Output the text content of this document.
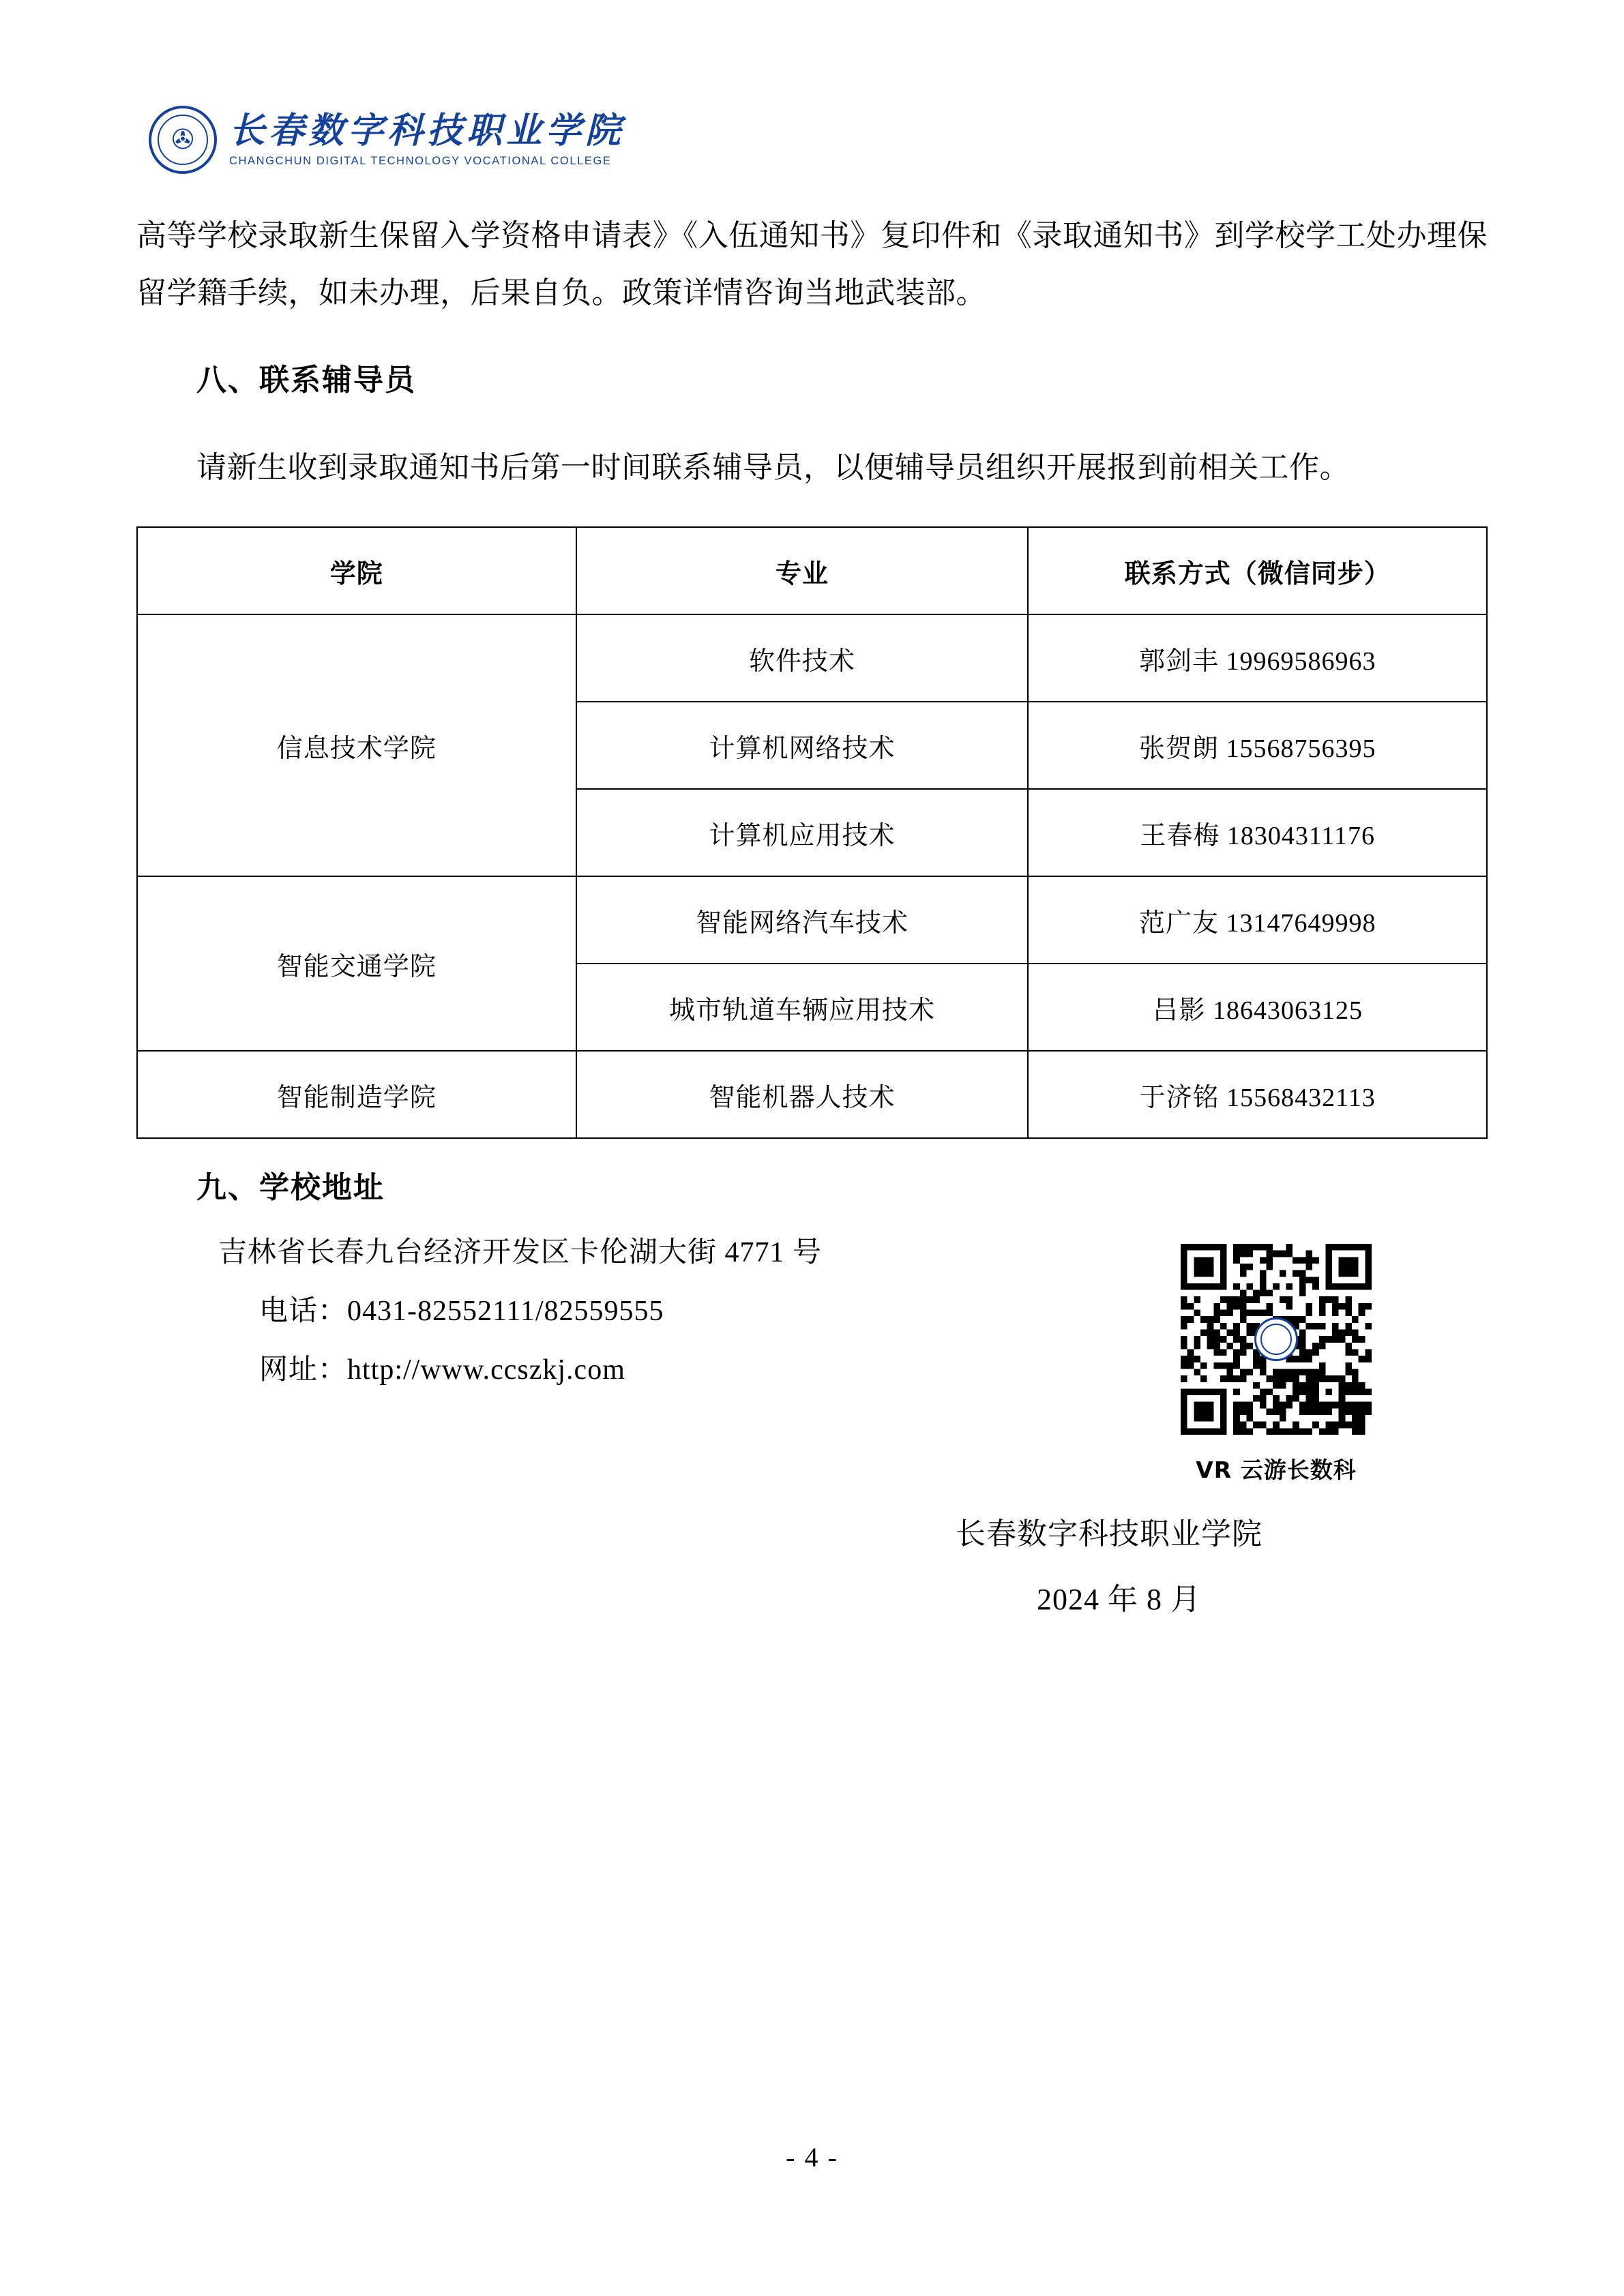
✇ 长春数字科技职业学院
CHANGCHUN DIGITAL TECHNOLOGY VOCATIONAL COLLEGE

高等学校录取新生保留入学资格申请表》《入伍通知书》复印件和《录取通知书》到学校学工处办理保留学籍手续，如未办理，后果自负。政策详情咨询当地武装部。

八、联系辅导员

请新生收到录取通知书后第一时间联系辅导员，以便辅导员组织开展报到前相关工作。

学院	专业	联系方式（微信同步）
信息技术学院	软件技术	郭剑丰 19969586963
	计算机网络技术	张贺朗 15568756395
	计算机应用技术	王春梅 18304311176
智能交通学院	智能网络汽车技术	范广友 13147649998
	城市轨道车辆应用技术	吕影 18643063125
智能制造学院	智能机器人技术	于济铭 15568432113
九、学校地址
吉林省长春九台经济开发区卡伦湖大街 4771 号
电话：0431-82552111/82559555
网址：http://www.ccszkj.com
VR 云游长数科
长春数字科技职业学院
2024 年 8 月
- 4 -
